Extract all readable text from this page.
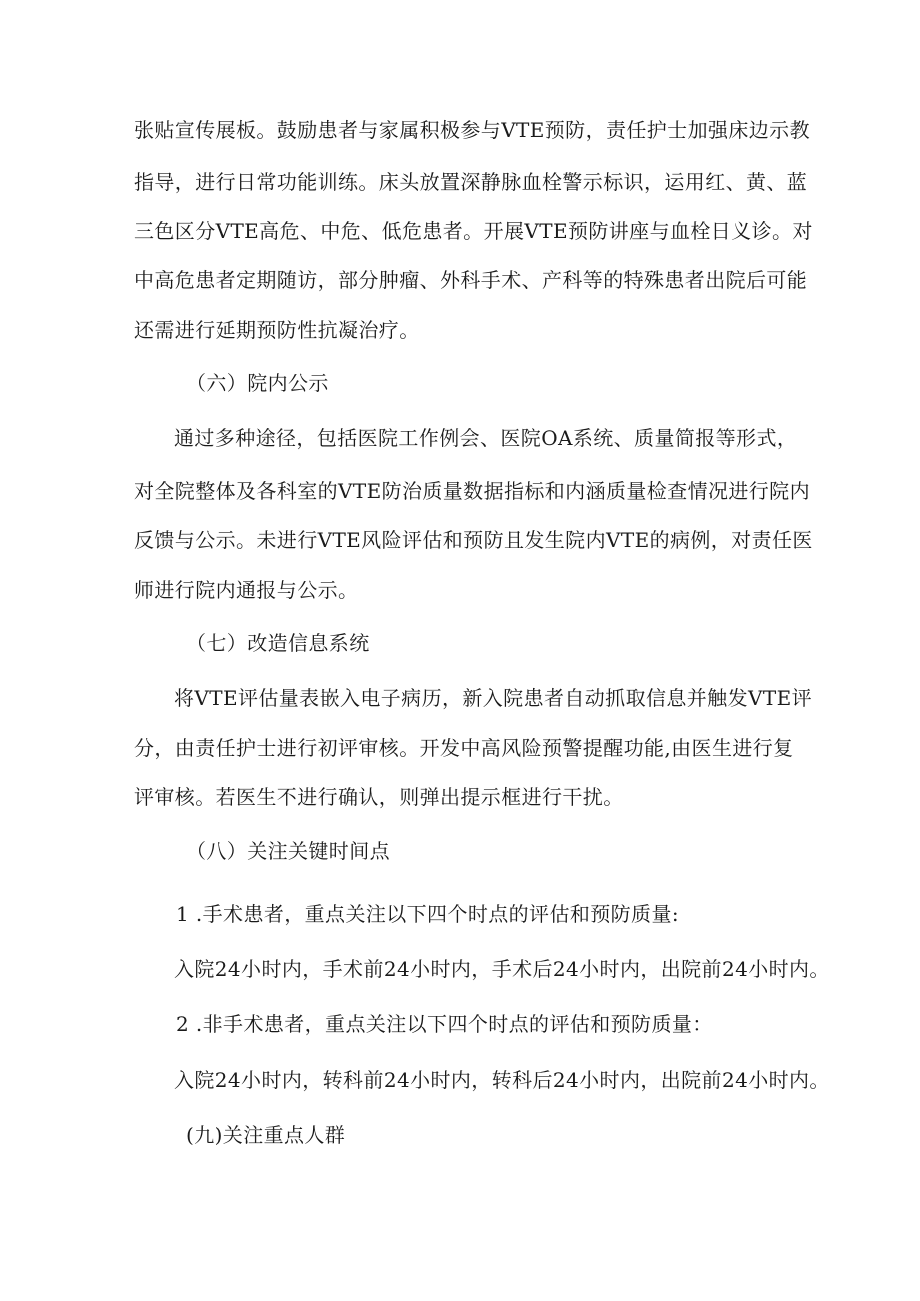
张贴宣传展板。鼓励患者与家属积极参与VTE预防，责任护士加强床边示教
指导，进行日常功能训练。床头放置深静脉血栓警示标识，运用红、黄、蓝
三色区分VTE高危、中危、低危患者。开展VTE预防讲座与血栓日义诊。对
中高危患者定期随访，部分肿瘤、外科手术、产科等的特殊患者出院后可能
还需进行延期预防性抗凝治疗。
（六）院内公示
通过多种途径，包括医院工作例会、医院OA系统、质量简报等形式，
对全院整体及各科室的VTE防治质量数据指标和内涵质量检查情况进行院内
反馈与公示。未进行VTE风险评估和预防且发生院内VTE的病例，对责任医
师进行院内通报与公示。
（七）改造信息系统
将VTE评估量表嵌入电子病历，新入院患者自动抓取信息并触发VTE评
分，由责任护士进行初评审核。开发中高风险预警提醒功能,由医生进行复
评审核。若医生不进行确认，则弹出提示框进行干扰。
（八）关注关键时间点
1 .手术患者，重点关注以下四个时点的评估和预防质量:
入院24小时内，手术前24小时内，手术后24小时内，出院前24小时内。
2 .非手术患者，重点关注以下四个时点的评估和预防质量：
入院24小时内，转科前24小时内，转科后24小时内，出院前24小时内。
(九)关注重点人群
